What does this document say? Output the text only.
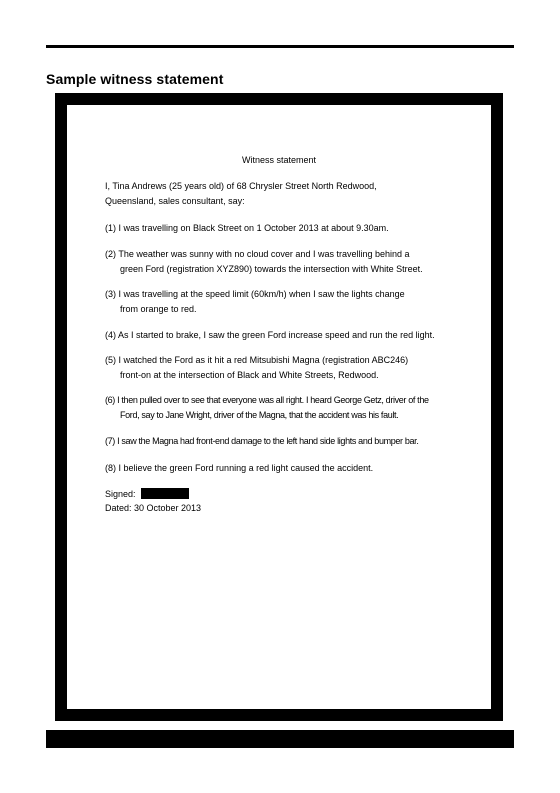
Sample witness statement
Witness statement
I, Tina Andrews (25 years old) of 68 Chrysler Street North Redwood,
Queensland, sales consultant, say:
(1) I was travelling on Black Street on 1 October 2013 at about 9.30am.
(2) The weather was sunny with no cloud cover and I was travelling behind a
green Ford (registration XYZ890) towards the intersection with White Street.
(3) I was travelling at the speed limit (60km/h) when I saw the lights change
from orange to red.
(4) As I started to brake, I saw the green Ford increase speed and run the red light.
(5) I watched the Ford as it hit a red Mitsubishi Magna (registration ABC246)
front-on at the intersection of Black and White Streets, Redwood.
(6) I then pulled over to see that everyone was all right. I heard George Getz, driver of the
Ford, say to Jane Wright, driver of the Magna, that the accident was his fault.
(7) I saw the Magna had front-end damage to the left hand side lights and bumper bar.
(8) I believe the green Ford running a red light caused the accident.
Signed:
Dated: 30 October 2013
